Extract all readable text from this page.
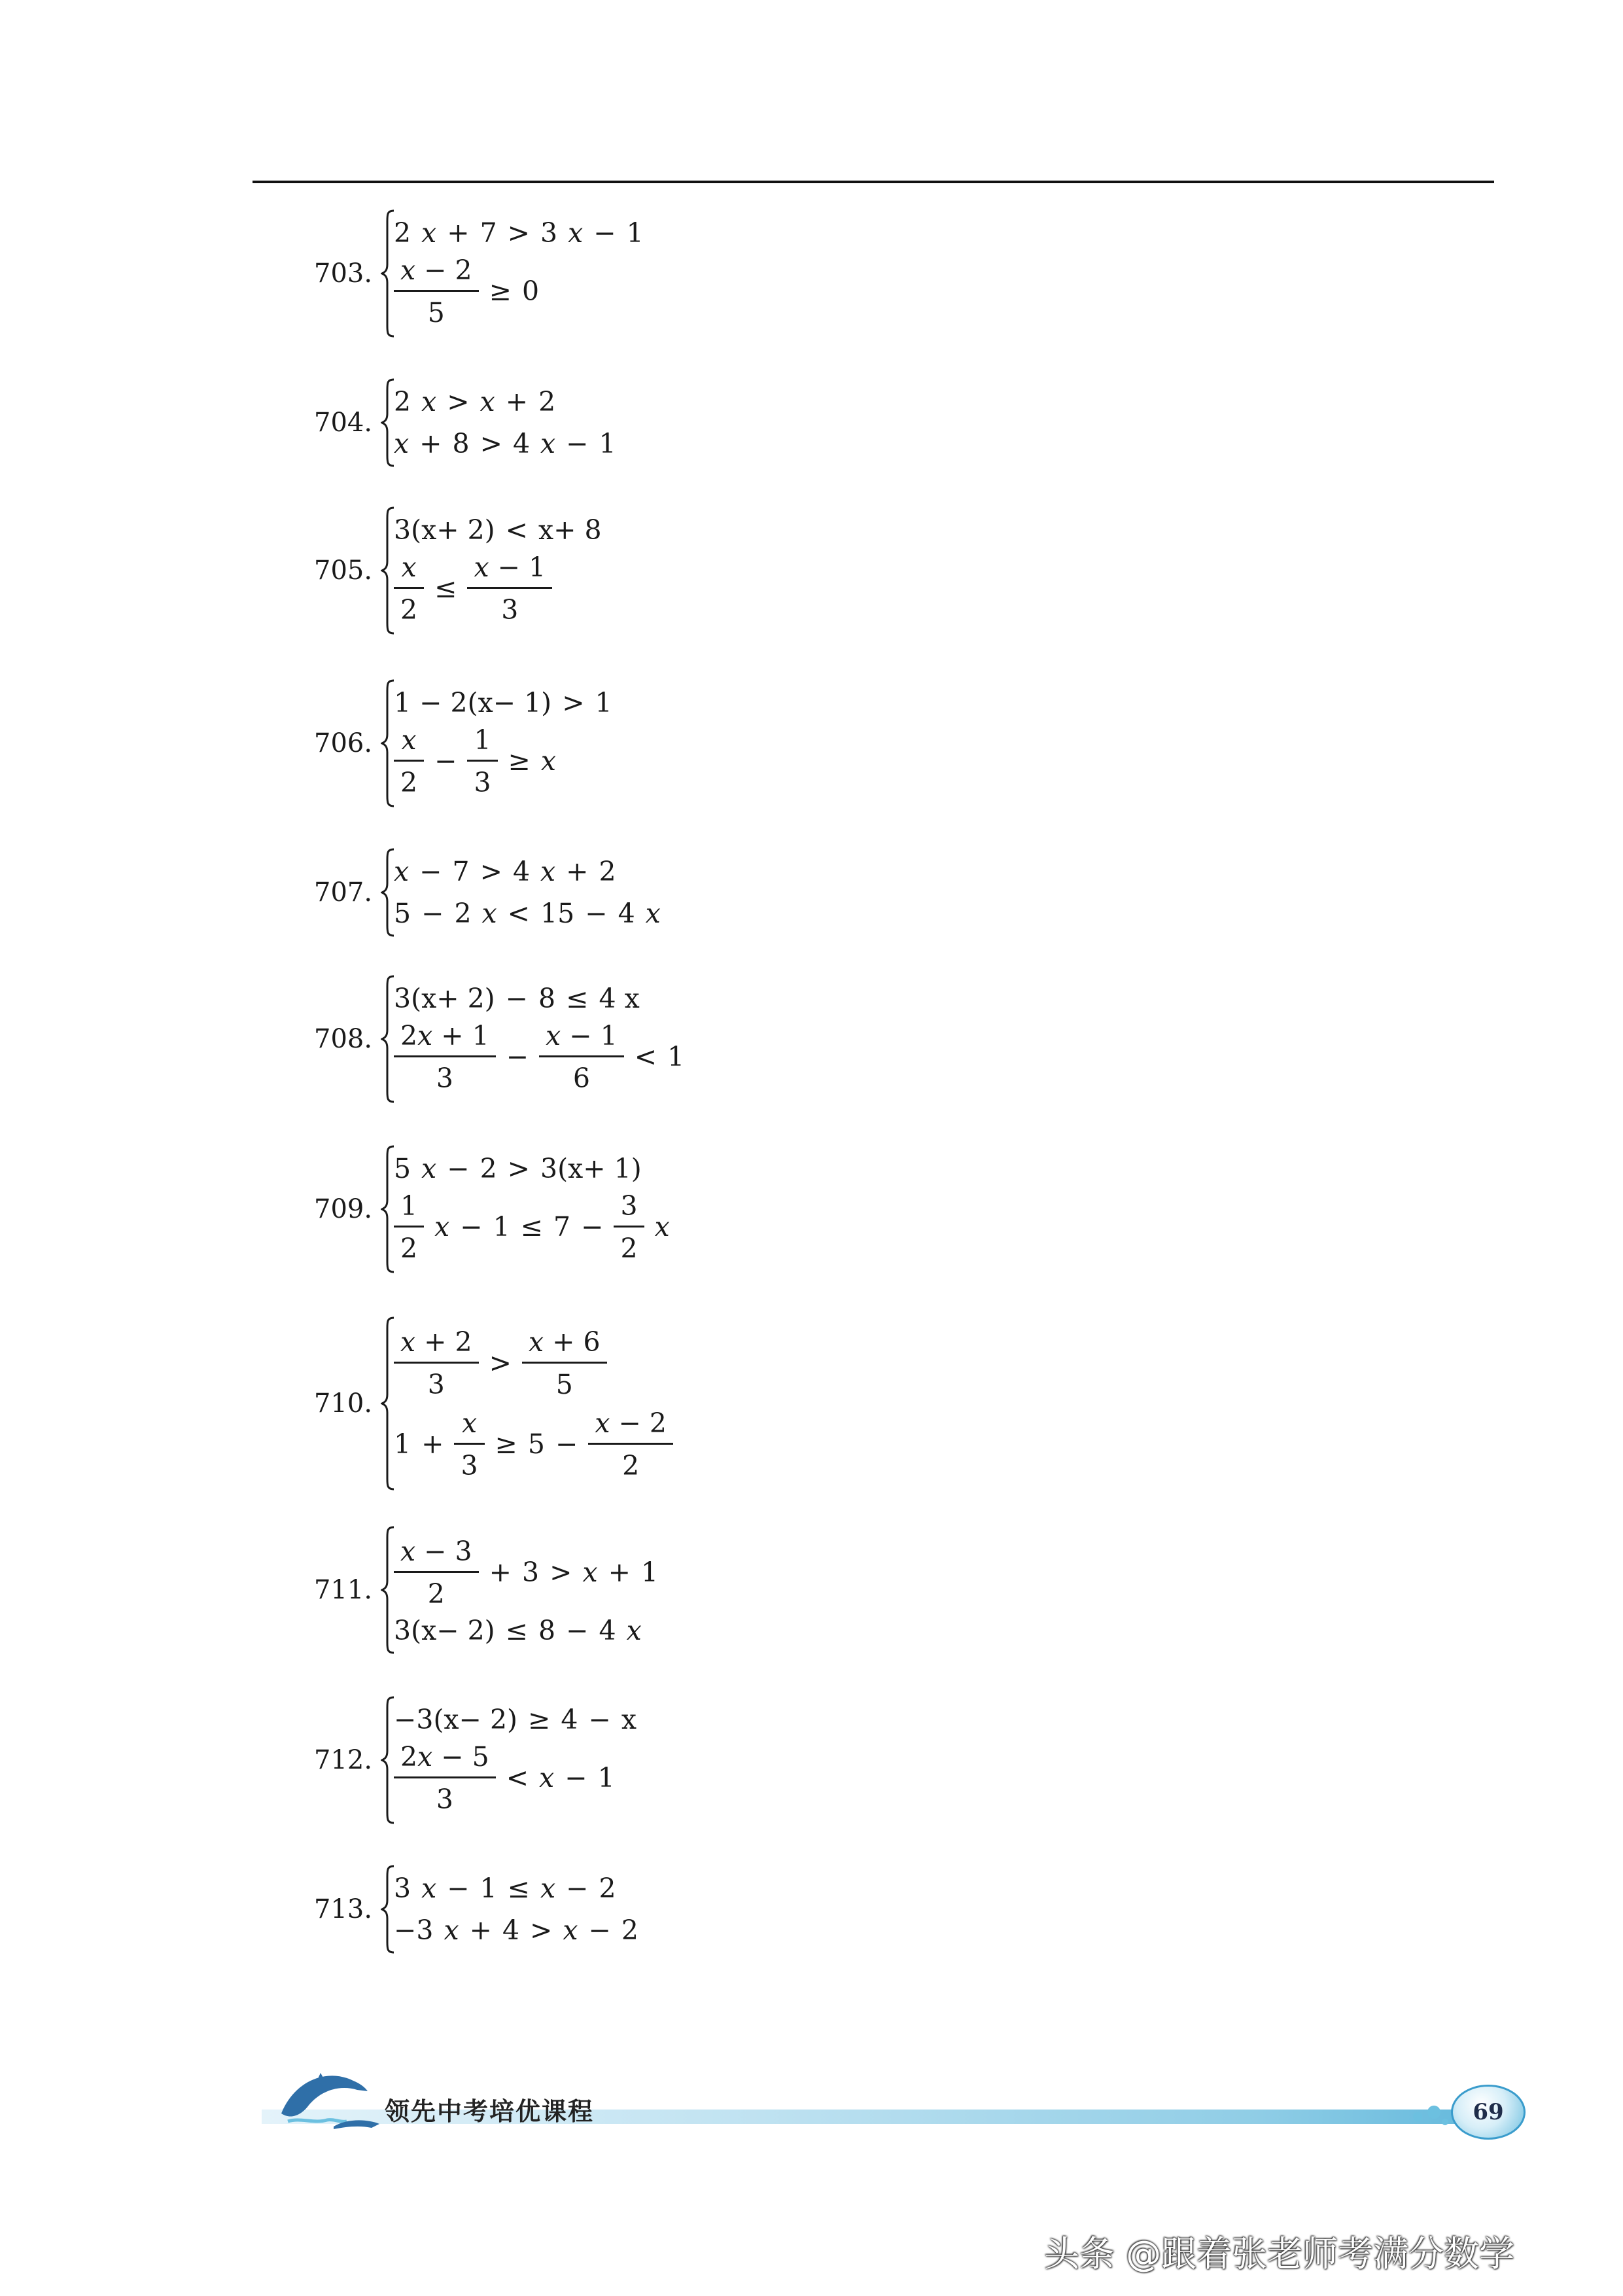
703.
2 x + 7 > 3 x − 1
$\frac{x - 2}{5} \ge 0$
704.
2 x > x + 2
x + 8 > 4 x − 1
705.
3(x+ 2) < x+ 8
$\frac{x}{2} \le \frac{x - 1}{3}$
706.
1 − 2(x− 1) > 1
$\frac{x}{2} - \frac{1}{3} \ge x$
707.
x − 7 > 4 x + 2
5 − 2 x < 15 − 4 x
708.
3(x+ 2) − 8 ≤ 4 x
$\frac{2x + 1}{3} - \frac{x - 1}{6} < 1$
709.
5 x − 2 > 3(x+ 1)
$\frac{1}{2}$ $x - 1 \le 7 - \frac{3}{2}$ x
710.
$\frac{x + 2}{3} > \frac{x + 6}{5}$
$1 + \frac{x}{3} \ge 5 - \frac{x - 2}{2}$
711. $\frac{x - 3}{2} + 3 > x + 1$
3(x− 2) ≤ 8 − 4 x
712.
−3(x− 2) ≥ 4 − x
$\frac{2x - 5}{3} < x - 1$
713.
3 x − 1 ≤ x − 2
−3 x + 4 > x − 2
领先中考培优课程	69
头条 @跟着张老师考满分数学
